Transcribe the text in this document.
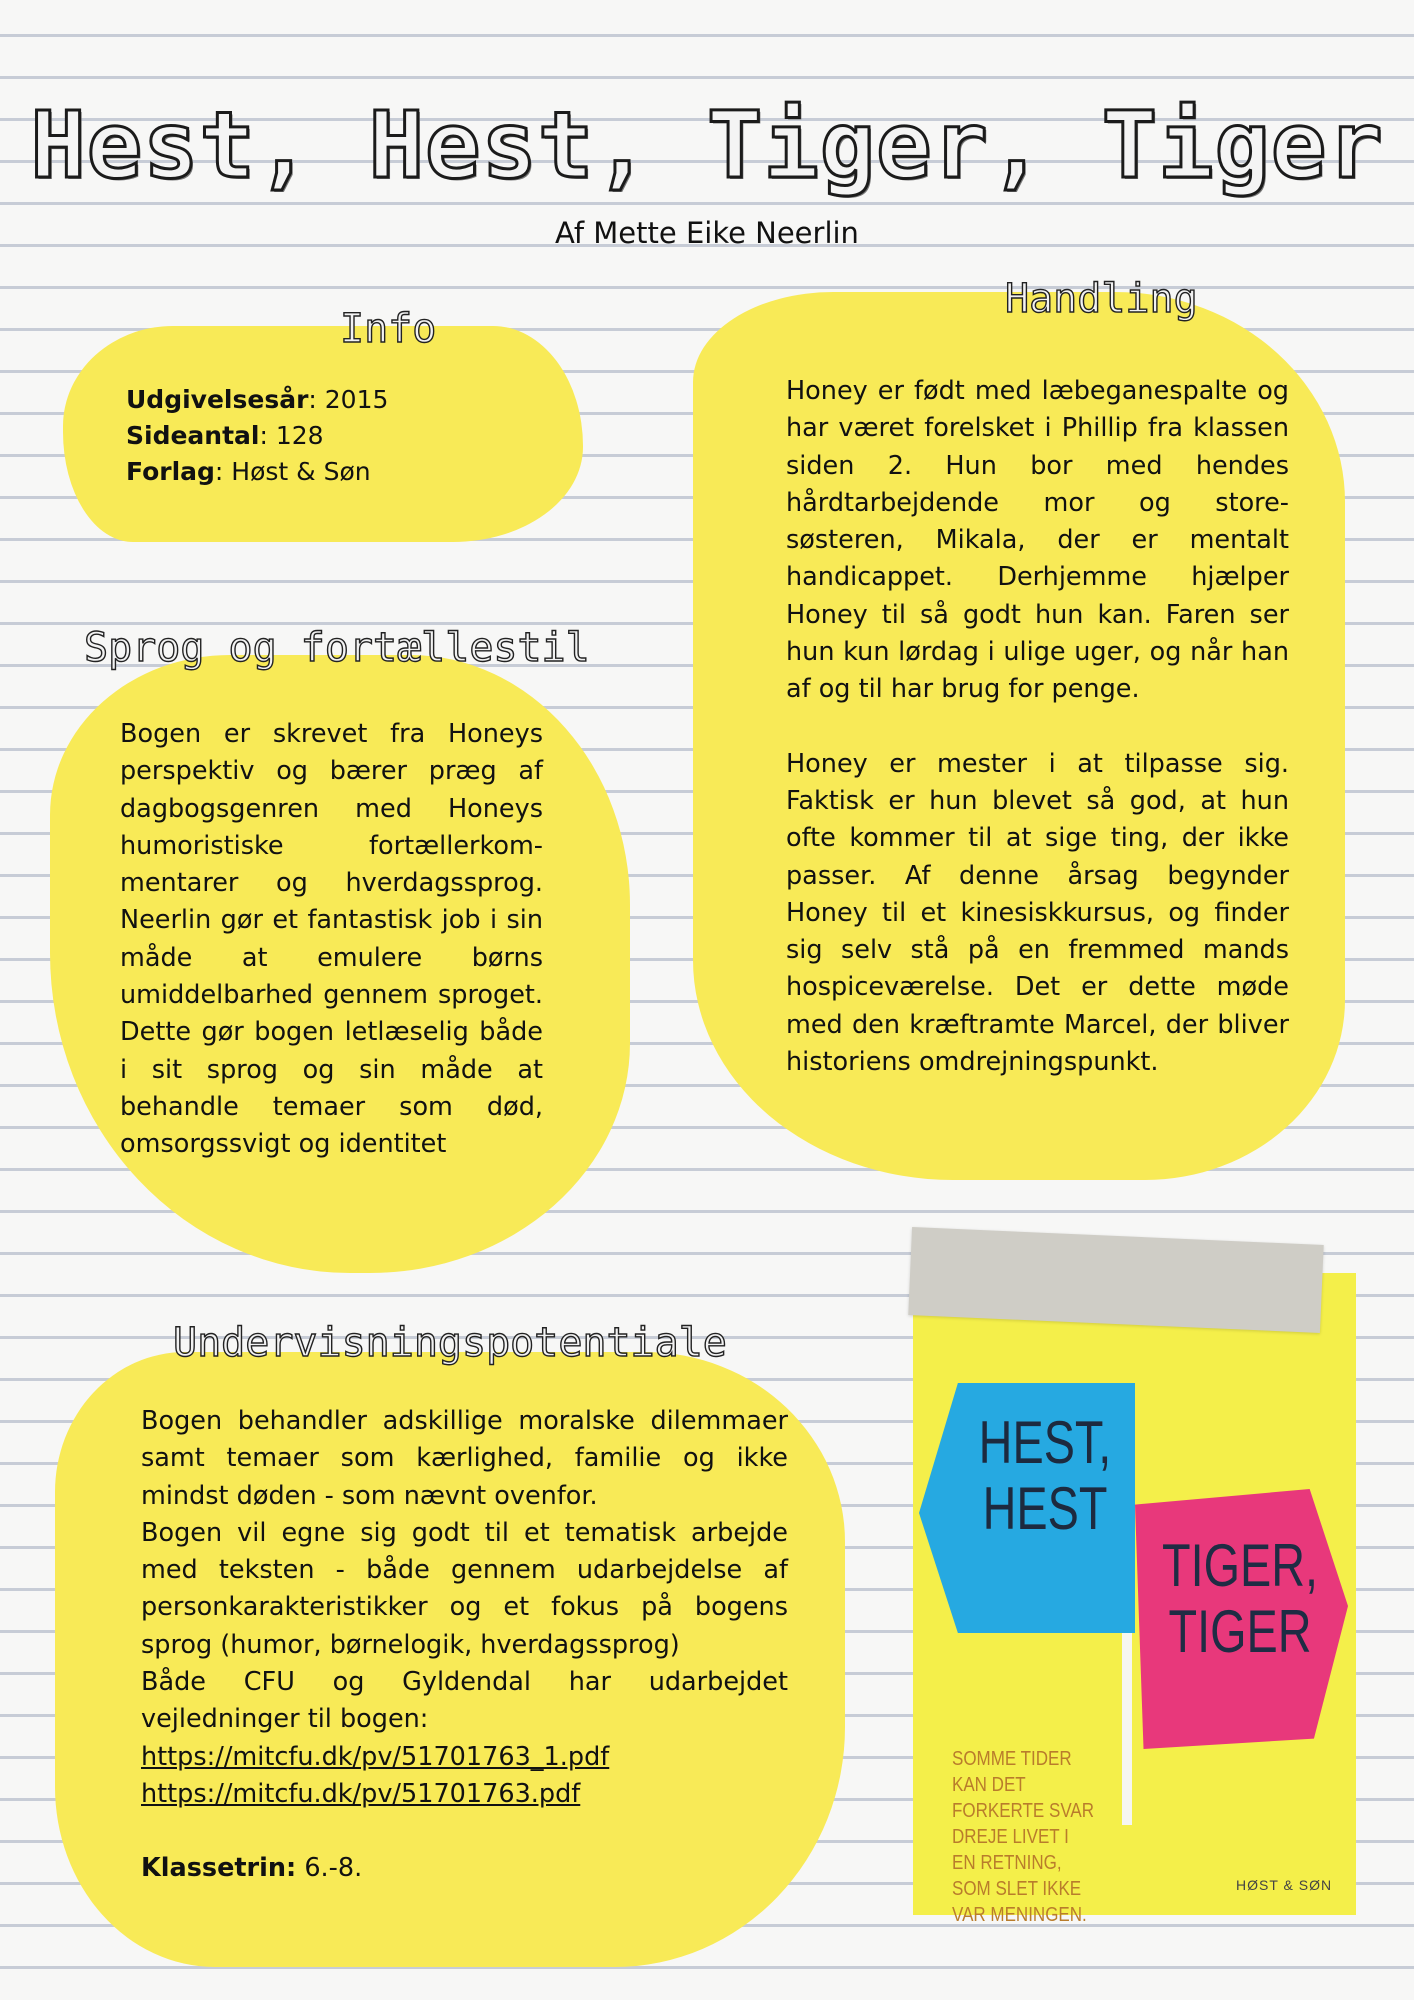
Hest, Hest, Tiger, Tiger
Af Mette Eike Neerlin
Info
Udgivelsesår: 2015
Sideantal: 128
Forlag: Høst & Søn
Handling

Honey er født med læbeganespalte og har været forelsket i Phillip fra klassen siden 2. Hun bor med hendes hårdtarbejdende mor og store-søsteren, Mikala, der er mentalt handicappet. Derhjemme hjælper Honey til så godt hun kan. Faren ser hun kun lørdag i ulige uger, og når han af og til har brug for penge.

Honey er mester i at tilpasse sig. Faktisk er hun blevet så god, at hun ofte kommer til at sige ting, der ikke passer. Af denne årsag begynder Honey til et kinesiskkursus, og finder sig selv stå på en fremmed mands hospiceværelse. Det er dette møde med den kræftramte Marcel, der bliver historiens omdrejningspunkt.

Sprog og fortællestil
Bogen er skrevet fra Honeys perspektiv og bærer præg af dagbogsgenren med Honeys humoristiske fortællerkom-mentarer og hverdagssprog. Neerlin gør et fantastisk job i sin måde at emulere børns umiddelbarhed gennem sproget. Dette gør bogen letlæselig både i sit sprog og sin måde at behandle temaer som død, omsorgssvigt og identitet
Undervisningspotentiale

Bogen behandler adskillige moralske dilemmaer samt temaer som kærlighed, familie og ikke mindst døden - som nævnt ovenfor.

Bogen vil egne sig godt til et tematisk arbejde med teksten - både gennem udarbejdelse af personkarakteristikker og et fokus på bogens sprog (humor, børnelogik, hverdagssprog)

Både CFU og Gyldendal har udarbejdet vejledninger til bogen:

https://mitcfu.dk/pv/51701763_1.pdf
https://mitcfu.dk/pv/51701763.pdf

Klassetrin: 6.-8.

HEST,
HEST
TIGER,
TIGER
SOMME TIDER KAN DET FORKERTE SVAR DREJE LIVET I EN RETNING, SOM SLET IKKE VAR MENINGEN.
HØST & SØN
